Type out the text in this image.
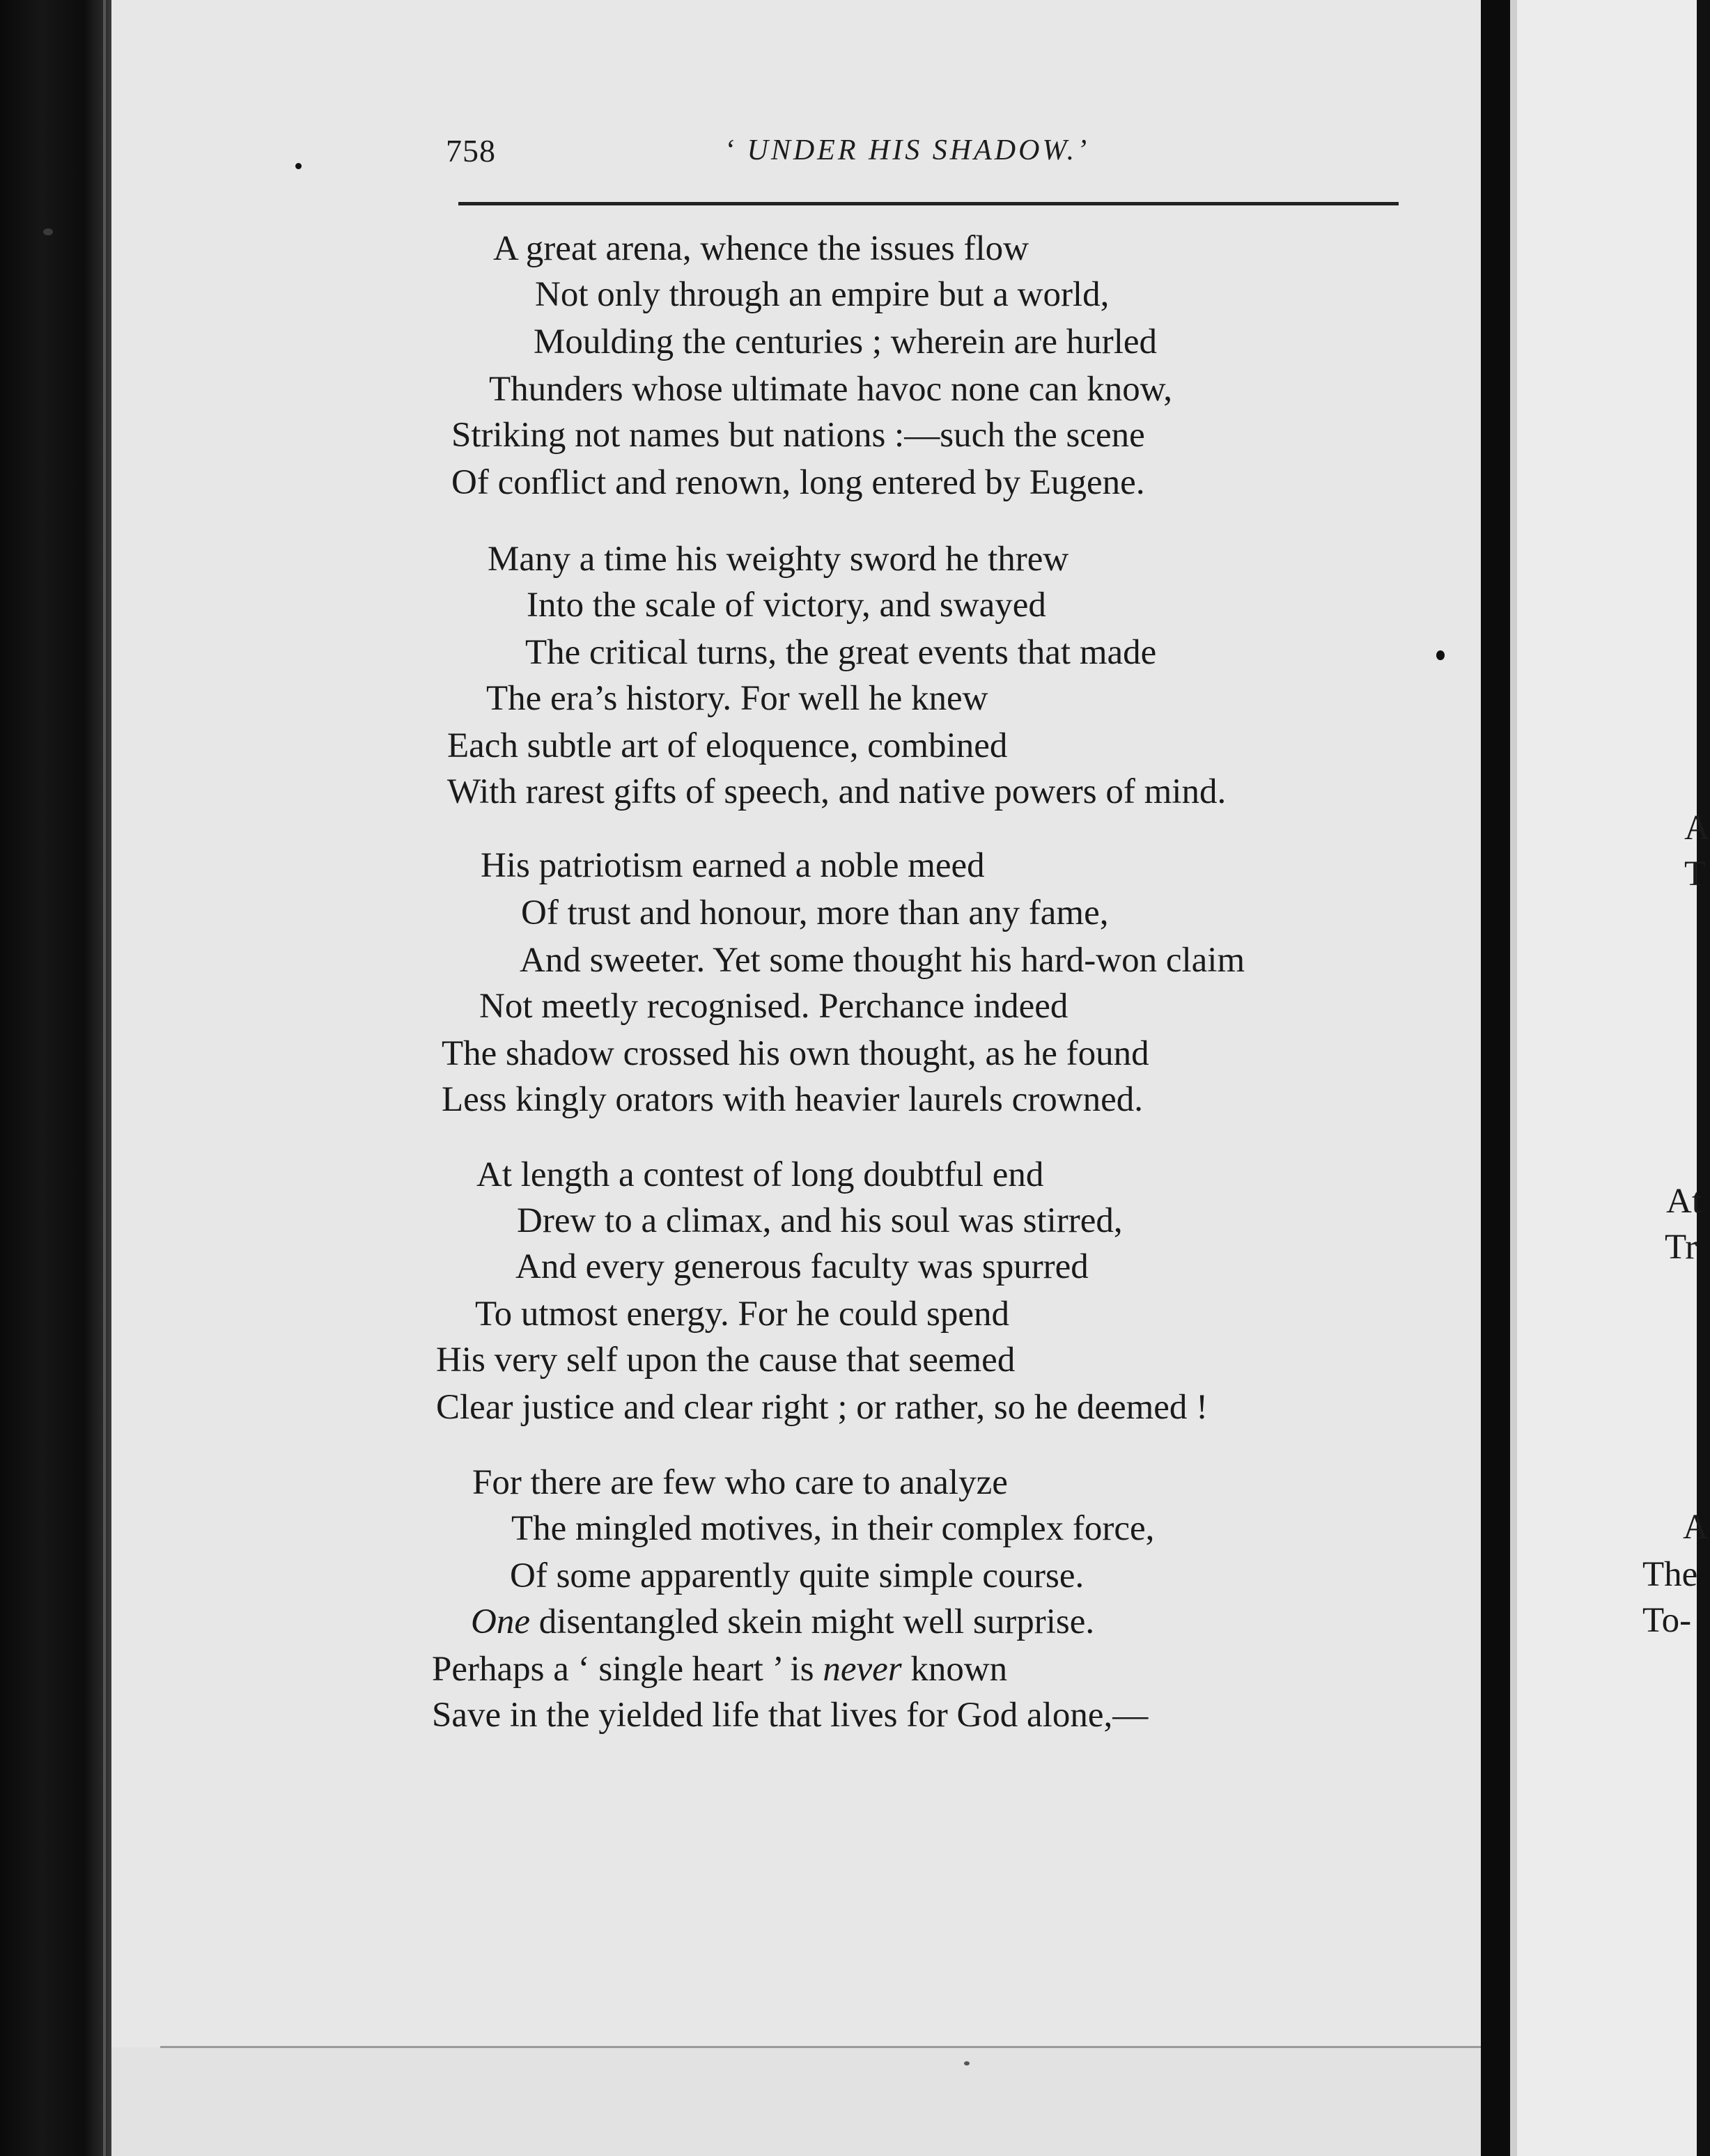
758	‘ UNDER HIS SHADOW.’
A great arena, whence the issues flow
Not only through an empire but a world,
Moulding the centuries ; wherein are hurled
Thunders whose ultimate havoc none can know,
Striking not names but nations :—such the scene
Of conflict and renown, long entered by Eugene.
Many a time his weighty sword he threw
Into the scale of victory, and swayed
The critical turns, the great events that made
The era’s history. For well he knew
Each subtle art of eloquence, combined
With rarest gifts of speech, and native powers of mind.
His patriotism earned a noble meed
Of trust and honour, more than any fame,
And sweeter. Yet some thought his hard-won claim
Not meetly recognised. Perchance indeed
The shadow crossed his own thought, as he found
Less kingly orators with heavier laurels crowned.
At length a contest of long doubtful end
Drew to a climax, and his soul was stirred,
And every generous faculty was spurred
To utmost energy. For he could spend
His very self upon the cause that seemed
Clear justice and clear right ; or rather, so he deemed !
For there are few who care to analyze
The mingled motives, in their complex force,
Of some apparently quite simple course.
One disentangled skein might well surprise.
Perhaps a ‘ single heart ’ is never known
Save in the yielded life that lives for God alone,—
A
T
At
Tr
A
The
To-
